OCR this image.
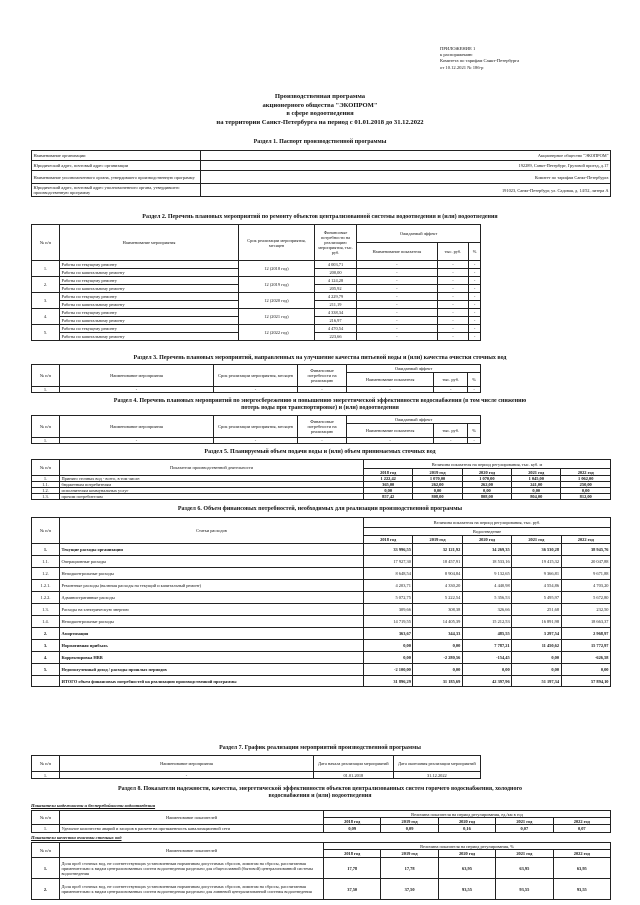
ПРИЛОЖЕНИЕ 1
к распоряжению
Комитета по тарифам Санкт-Петербурга
от 10.12.2021 № 186-р
Производственная программа
акционерного общества "ЭКОПРОМ"
в сфере водоотведения
на территории Санкт-Петербурга на период с 01.01.2018 до 31.12.2022
Раздел 1. Паспорт производственной программы
Наименование организации	Акционерное общество "ЭКОПРОМ"
Юридический адрес, почтовый адрес организации	192289, Санкт-Петербург, Грузовой проезд, д.17
Наименование уполномоченного органа, утвердившего производственную программу	Комитет по тарифам Санкт-Петербурга
Юридический адрес, почтовый адрес уполномоченного органа, утвердившего производственную программу	191023, Санкт-Петербург, ул. Садовая, д. 14/52, литера А
Раздел 2. Перечень плановых мероприятий по ремонту объектов централизованной системы водоотведения и (или) водоотведения
№ п/п	Наименование мероприятия	Срок реализации мероприятия, месяцев	Финансовые потребности на реализацию мероприятия, тыс. руб.	Ожидаемый эффект		
				Наименование показателя	тыс. руб.	%
1.	Работы по текущему ремонту	12 (2018 год)	4 003,71	-	-	-
	Работы по капитальному ремонту		200,00	-	-	-
2.	Работы по текущему ремонту	12 (2019 год)	4 124,28	-	-	-
	Работы по капитальному ремонту		205,92	-	-	-
3.	Работы по текущему ремонту	12 (2020 год)	4 229,79	-	-	-
	Работы по капитальному ремонту		211,19	-	-	-
4.	Работы по текущему ремонту	12 (2021 год)	4 338,34	-	-	-
	Работы по капитальному ремонту		216,97	-	-	-
5.	Работы по текущему ремонту	12 (2022 год)	4 470,54	-	-	-
	Работы по капитальному ремонту		223,66	-	-	-
Раздел 3. Перечень плановых мероприятий, направленных на улучшение качества питьевой воды и (или) качества очистки сточных вод
№ п/п	Наименование мероприятия	Срок реализации мероприятия, месяцев	Финансовые потребности на реализацию	Ожидаемый эффект		
				Наименование показателя	тыс. руб.	%
1.	-	-	-	-	-	-
Раздел 4. Перечень плановых мероприятий по энергосбережению и повышению энергетической эффективности водоснабжения (в том числе снижению
потерь воды при транспортировке) и (или) водоотведения
№ п/п	Наименование мероприятия	Срок реализации мероприятия, месяцев	Финансовые потребности на реализацию	Ожидаемый эффект		
				Наименование показателя	тыс. руб.	%
1.	-	-	-	-	-	-
Раздел 5. Планируемый объем подачи воды и (или) объем принимаемых сточных вод
№ п/п	Показатели производственной деятельности	Величина показателя на период регулирования, тыс. куб. м				
		2018 год	2019 год	2020 год	2021 год	2022 год
1.	Принято сточных вод - всего, в том числе:	1 222,42	1 070,00	1 070,00	1 045,00	1 062,00
1.1.	бюджетным потребителям	365,00	262,00	262,00	241,00	250,00
1.2.	исполнителям коммунальных услуг	0,00	0,00	0,00	0,00	0,00
1.3.	прочим потребителям	857,42	808,00	808,00	804,00	812,00
Раздел 6. Объем финансовых потребностей, необходимых для реализации производственной программы
№ п/п	Статьи расходов	Величина показателя на период регулирования, тыс. руб.				
		Водоотведение				
		2018 год	2019 год	2020 год	2021 год	2022 год
1.	Текущие расходы организации	33 996,55	32 121,92	34 269,35	36 530,28	38 945,76
1.1.	Операционные расходы	17 927,30	18 457,91	18 533,16	19 415,32	20 047,88
1.2.	Неподконтрольные расходы	8 648,54	8 904,84	9 132,65	9 366,81	9 671,88
1.2.1.	Ремонтные расходы (включая расходы на текущий и капитальный ремонт)	4 203,71	4 330,20	4 440,98	4 554,86	4 703,20
1.2.2.	Административные расходы	5 072,75	5 222,54	5 356,53	5 495,97	5 672,80
1.3.	Расходы на электрическую энергию	309,66	308,38	326,66	251,68	232,50
1.4.	Неподконтрольные расходы	14 719,55	14 405,39	15 212,53	16 891,98	18 663,37
2.	Амортизация	363,67	344,33	485,55	3 297,54	2 968,97
3.	Нормативная прибыль	0,00	0,00	7 787,21	11 450,62	15 772,97
4.	Корректировка НВВ	0,00	-2 280,56	-154,45	0,00	-626,58
5.	Недополученный доход / расходы прошлых периодов	-2 100,00	0,00	0,00	0,00	0,00
	ИТОГО объем финансовых потребностей на реализацию производственной программы	31 896,29	31 185,69	42 397,96	51 197,34	57 894,10
Раздел 7. График реализации мероприятий производственной программы
№ п/п	Наименование мероприятия	Дата начала реализации мероприятий	Дата окончания реализации мероприятий
1.	-	01.01.2018	31.12.2022
Раздел 8. Показатели надежности, качества, энергетической эффективности объектов централизованных систем горячего водоснабжения, холодного
водоснабжения и (или) водоотведения
Показатели надежности и бесперебойности водоотведения
№ п/п	Наименование показателей	Величина показателя на период регулирования, ед./км в год				
		2018 год	2019 год	2020 год	2021 год	2022 год
1.	Удельное количество аварий и засоров в расчете на протяженность канализационной сети	0,09	0,09	0,16	0,07	0,07
Показатели качества очистки сточных вод
№ п/п	Наименование показателей	Величина показателя на период регулирования, %				
		2018 год	2019 год	2020 год	2021 год	2022 год
1.	Доля проб сточных вод, не соответствующих установленным нормативам допустимых сбросов, лимитам на сбросы, рассчитанная применительно к видам централизованных систем водоотведения раздельно для общесплавной (бытовой) централизованной системы водоотведения	17,78	17,78	63,95	63,95	63,95
2.	Доля проб сточных вод, не соответствующих установленным нормативам допустимых сбросов, лимитам на сбросы, рассчитанная применительно к видам централизованных систем водоотведения раздельно для ливневой централизованной системы водоотведения	37,50	37,50	93,55	93,55	93,55
